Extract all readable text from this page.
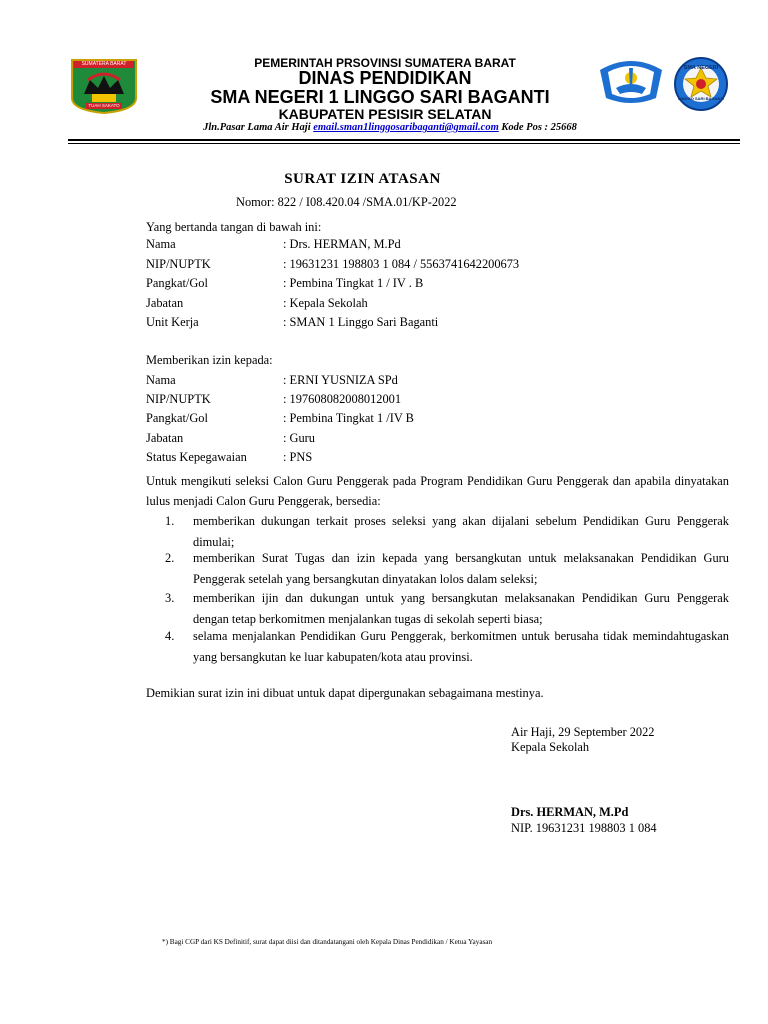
SUMATERA BARAT
TUAH SAKATO
PEMERINTAH PRSOVINSI SUMATERA BARAT
DINAS PENDIDIKAN
SMA NEGERI 1 LINGGO SARI BAGANTI
KABUPATEN PESISIR SELATAN
Jln.Pasar Lama Air Haji email.sman1linggosaribaganti@gmail.com Kode Pos : 25668
SMA NEGERI
LINGGO SARI BAGANTI
SURAT IZIN ATASAN
Nomor: 822 / I08.420.04 /SMA.01/KP-2022
Yang bertanda tangan di bawah ini:
Nama	: Drs. HERMAN, M.Pd
NIP/NUPTK	: 19631231 198803 1 084 / 5563741642200673
Pangkat/Gol	: Pembina Tingkat 1 / IV . B
Jabatan	: Kepala Sekolah
Unit Kerja	: SMAN 1 Linggo Sari Baganti
Memberikan izin kepada:
Nama	: ERNI YUSNIZA SPd
NIP/NUPTK	: 197608082008012001
Pangkat/Gol	: Pembina Tingkat 1 /IV B
Jabatan	: Guru
Status Kepegawaian	: PNS
Untuk mengikuti seleksi Calon Guru Penggerak pada Program Pendidikan Guru Penggerak dan apabila dinyatakan lulus menjadi Calon Guru Penggerak, bersedia:
1.	memberikan dukungan terkait proses seleksi yang akan dijalani sebelum Pendidikan Guru Penggerak dimulai;
2.	memberikan Surat Tugas dan izin kepada yang bersangkutan untuk melaksanakan Pendidikan Guru Penggerak setelah yang bersangkutan dinyatakan lolos dalam seleksi;
3.	memberikan ijin dan dukungan untuk yang bersangkutan melaksanakan Pendidikan Guru Penggerak dengan tetap berkomitmen menjalankan tugas di sekolah seperti biasa;
4.	selama menjalankan Pendidikan Guru Penggerak, berkomitmen untuk berusaha tidak memindahtugaskan yang bersangkutan ke luar kabupaten/kota atau provinsi.
Demikian surat izin ini dibuat untuk dapat dipergunakan sebagaimana mestinya.
Air Haji, 29 September 2022
Kepala Sekolah
Drs. HERMAN, M.Pd
NIP. 19631231 198803 1 084
*) Bagi CGP dari KS Definitif, surat dapat diisi dan ditandatangani oleh Kepala Dinas Pendidikan / Ketua Yayasan
